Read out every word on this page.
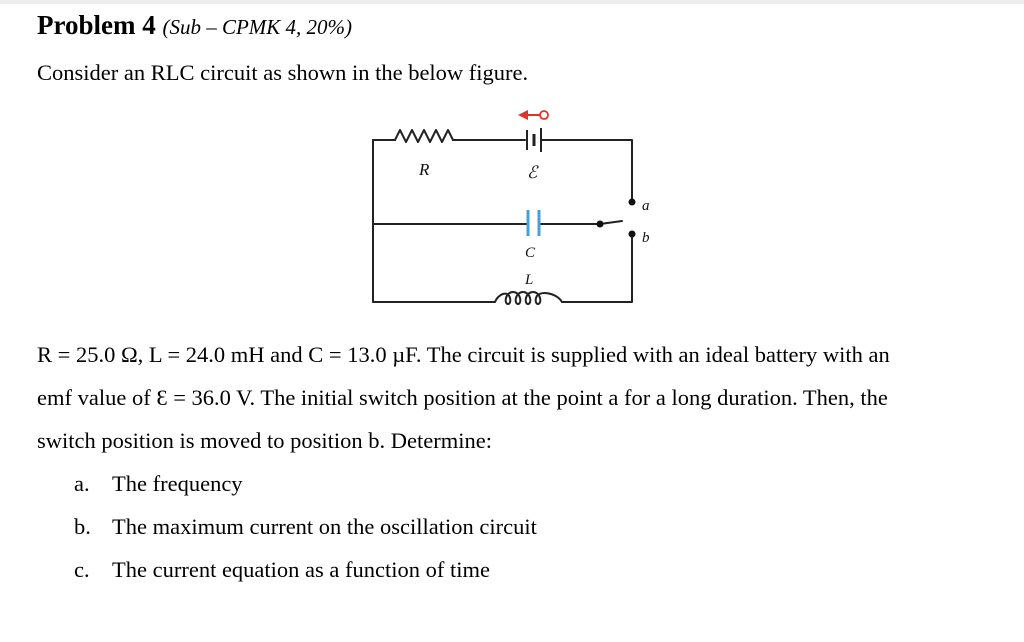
Problem 4 (Sub – CPMK 4, 20%)
Consider an RLC circuit as shown in the below figure.
R	ℰ
C
L
a
b
R = 25.0 Ω, L = 24.0 mH and C = 13.0 µF. The circuit is supplied with an ideal battery with an
emf value of Ɛ = 36.0 V. The initial switch position at the point a for a long duration. Then, the
switch position is moved to position b. Determine:
a. The frequency
b. The maximum current on the oscillation circuit
c. The current equation as a function of time
